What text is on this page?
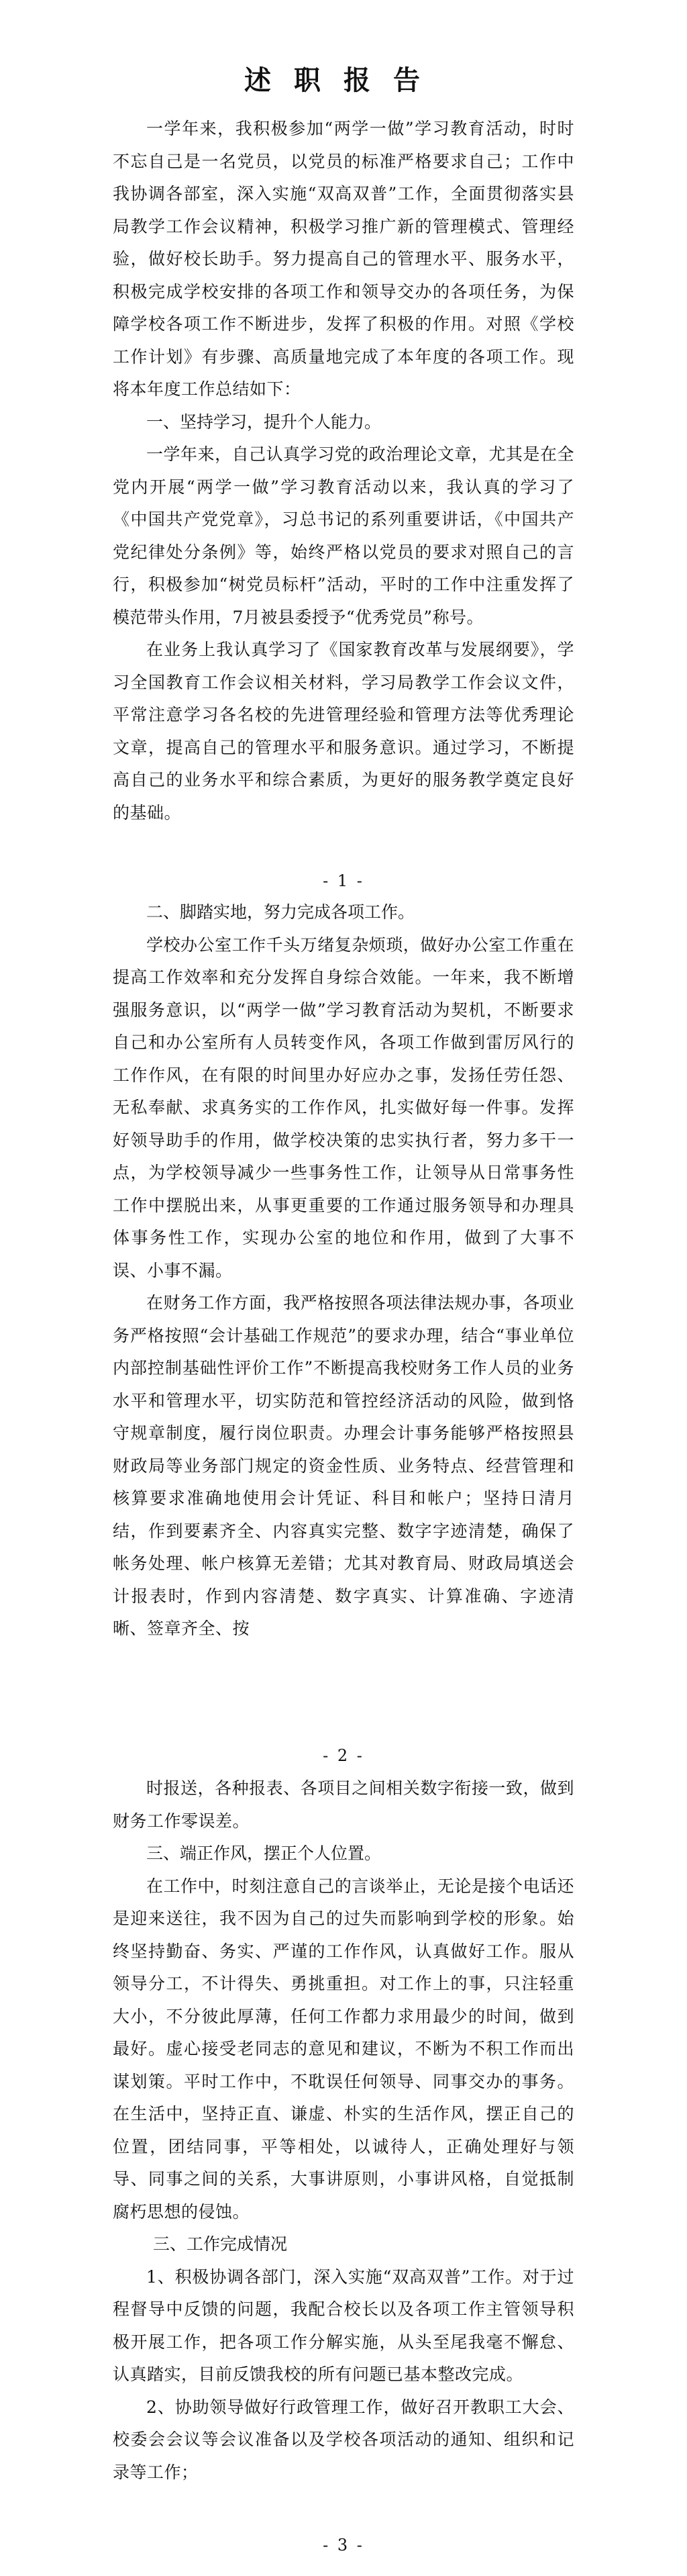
述职报告

一学年来，我积极参加“两学一做”学习教育活动，时时不忘自己是一名党员，以党员的标准严格要求自己；工作中我协调各部室，深入实施“双高双普”工作，全面贯彻落实县局教学工作会议精神，积极学习推广新的管理模式、管理经验，做好校长助手。努力提高自己的管理水平、服务水平，积极完成学校安排的各项工作和领导交办的各项任务，为保障学校各项工作不断进步，发挥了积极的作用。对照《学校工作计划》有步骤、高质量地完成了本年度的各项工作。现将本年度工作总结如下：

一、坚持学习，提升个人能力。

一学年来，自己认真学习党的政治理论文章，尤其是在全党内开展“两学一做”学习教育活动以来，我认真的学习了《中国共产党党章》，习总书记的系列重要讲话，《中国共产党纪律处分条例》等，始终严格以党员的要求对照自己的言行，积极参加“树党员标杆”活动，平时的工作中注重发挥了模范带头作用，7月被县委授予“优秀党员”称号。

在业务上我认真学习了《国家教育改革与发展纲要》，学习全国教育工作会议相关材料，学习局教学工作会议文件，平常注意学习各名校的先进管理经验和管理方法等优秀理论文章，提高自己的管理水平和服务意识。通过学习，不断提高自己的业务水平和综合素质，为更好的服务教学奠定良好的基础。

- 1 -

二、脚踏实地，努力完成各项工作。

学校办公室工作千头万绪复杂烦琐，做好办公室工作重在提高工作效率和充分发挥自身综合效能。一年来，我不断增强服务意识，以“两学一做”学习教育活动为契机，不断要求自己和办公室所有人员转变作风，各项工作做到雷厉风行的工作作风，在有限的时间里办好应办之事，发扬任劳任怨、无私奉献、求真务实的工作作风，扎实做好每一件事。发挥好领导助手的作用，做学校决策的忠实执行者，努力多干一点，为学校领导减少一些事务性工作，让领导从日常事务性工作中摆脱出来，从事更重要的工作通过服务领导和办理具体事务性工作，实现办公室的地位和作用，做到了大事不误、小事不漏。

在财务工作方面，我严格按照各项法律法规办事，各项业务严格按照“会计基础工作规范”的要求办理，结合“事业单位内部控制基础性评价工作”不断提高我校财务工作人员的业务水平和管理水平，切实防范和管控经济活动的风险，做到恪守规章制度，履行岗位职责。办理会计事务能够严格按照县财政局等业务部门规定的资金性质、业务特点、经营管理和核算要求准确地使用会计凭证、科目和帐户；坚持日清月结，作到要素齐全、内容真实完整、数字字迹清楚，确保了帐务处理、帐户核算无差错；尤其对教育局、财政局填送会计报表时，作到内容清楚、数字真实、计算准确、字迹清晰、签章齐全、按

- 2 -

时报送，各种报表、各项目之间相关数字衔接一致，做到财务工作零误差。

三、端正作风，摆正个人位置。

在工作中，时刻注意自己的言谈举止，无论是接个电话还是迎来送往，我不因为自己的过失而影响到学校的形象。始终坚持勤奋、务实、严谨的工作作风，认真做好工作。服从领导分工，不计得失、勇挑重担。对工作上的事，只注轻重大小，不分彼此厚薄，任何工作都力求用最少的时间，做到最好。虚心接受老同志的意见和建议，不断为不积工作而出谋划策。平时工作中，不耽误任何领导、同事交办的事务。在生活中，坚持正直、谦虚、朴实的生活作风，摆正自己的位置，团结同事，平等相处，以诚待人，正确处理好与领导、同事之间的关系，大事讲原则，小事讲风格，自觉抵制腐朽思想的侵蚀。

三、工作完成情况

1、积极协调各部门，深入实施“双高双普”工作。对于过程督导中反馈的问题，我配合校长以及各项工作主管领导积极开展工作，把各项工作分解实施，从头至尾我毫不懈怠、认真踏实，目前反馈我校的所有问题已基本整改完成。

2、协助领导做好行政管理工作，做好召开教职工大会、校委会会议等会议准备以及学校各项活动的通知、组织和记录等工作；

- 3 -
